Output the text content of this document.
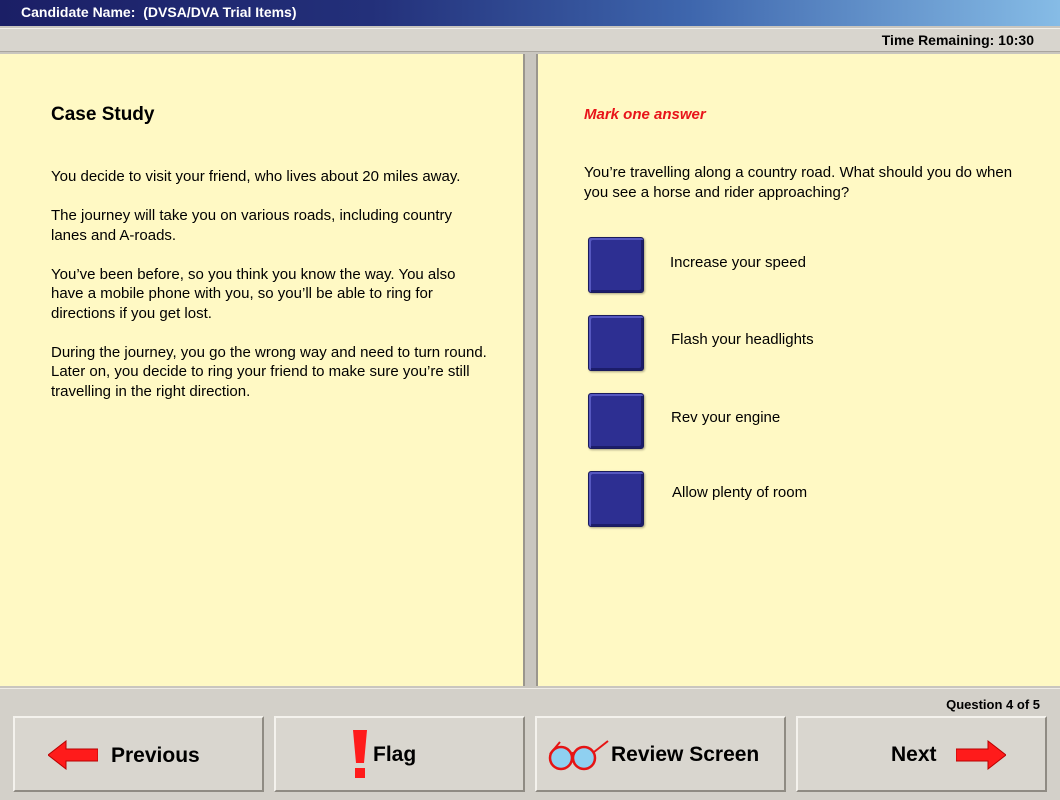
Candidate Name: (DVSA/DVA Trial Items)
Time Remaining: 10:30
Case Study

You decide to visit your friend, who lives about 20 miles away.

The journey will take you on various roads, including country lanes and A-roads.

You’ve been before, so you think you know the way. You also have a mobile phone with you, so you’ll be able to ring for directions if you get lost.

During the journey, you go the wrong way and need to turn round. Later on, you decide to ring your friend to make sure you’re still travelling in the right direction.

Mark one answer
You’re travelling along a country road. What should you do when you see a horse and rider approaching?
Increase your speed
Flash your headlights
Rev your engine
Allow plenty of room
Question 4 of 5
Previous	Flag	Review Screen	Next
